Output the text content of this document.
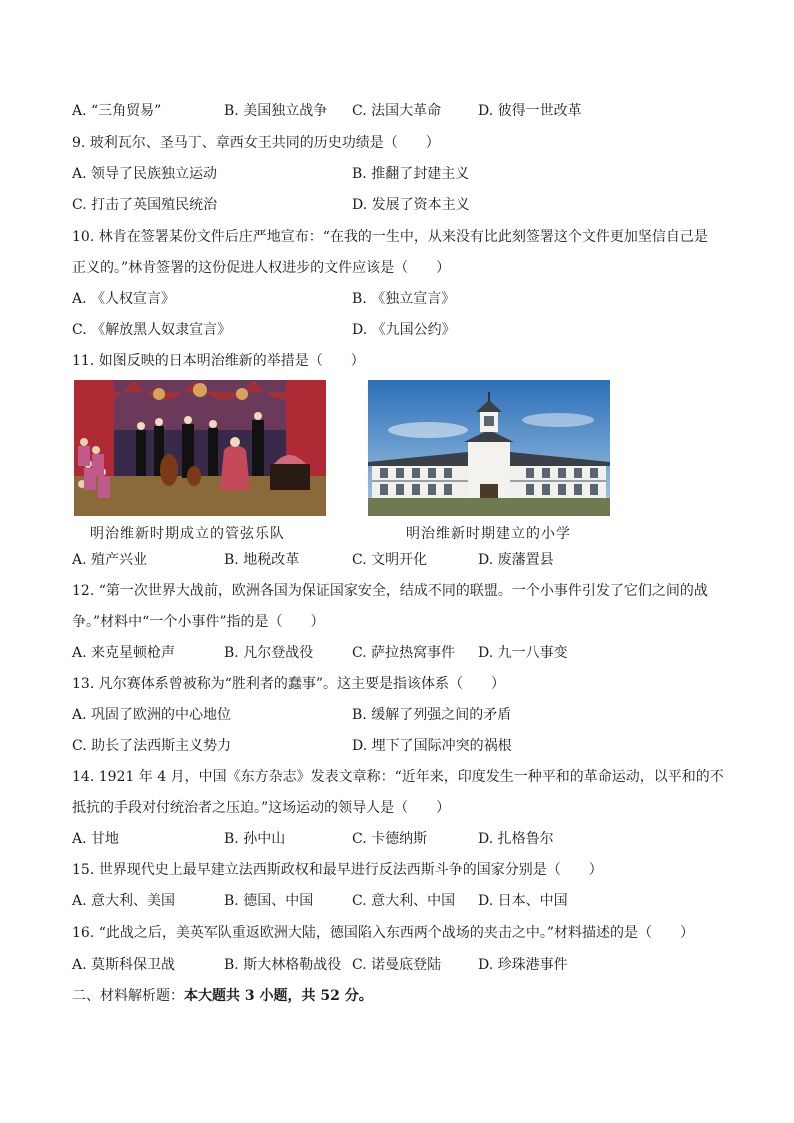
A. “三角贸易”	B. 美国独立战争 C. 法国大革命	D. 彼得一世改革
9. 玻利瓦尔、圣马丁、章西女王共同的历史功绩是（　　）
A. 领导了民族独立运动	B. 推翻了封建主义
C. 打击了英国殖民统治	D. 发展了资本主义
10. 林肯在签署某份文件后庄严地宣布：“在我的一生中，从来没有比此刻签署这个文件更加坚信自己是
正义的。”林肯签署的这份促进人权进步的文件应该是（　　）
A. 《人权宣言》	B. 《独立宣言》
C. 《解放黑人奴隶宣言》	D. 《九国公约》
11. 如图反映的日本明治维新的举措是（　　）
明治维新时期成立的管弦乐队	明治维新时期建立的小学
A. 殖产兴业	B. 地税改革	C. 文明开化	D. 废藩置县
12. “第一次世界大战前，欧洲各国为保证国家安全，结成不同的联盟。一个小事件引发了它们之间的战
争。”材料中“一个小事件”指的是（　　）
A. 来克星顿枪声	B. 凡尔登战役	C. 萨拉热窝事件 D. 九一八事变
13. 凡尔赛体系曾被称为“胜利者的蠢事”。这主要是指该体系（　　）
A. 巩固了欧洲的中心地位	B. 缓解了列强之间的矛盾
C. 助长了法西斯主义势力	D. 埋下了国际冲突的祸根
14. 1921 年 4 月，中国《东方杂志》发表文章称：“近年来，印度发生一种平和的革命运动，以平和的不
抵抗的手段对付统治者之压迫。”这场运动的领导人是（　　）
A. 甘地	B. 孙中山	C. 卡德纳斯	D. 扎格鲁尔
15. 世界现代史上最早建立法西斯政权和最早进行反法西斯斗争的国家分别是（　　）
A. 意大利、美国	B. 德国、中国	C. 意大利、中国 D. 日本、中国
16. “此战之后，美英军队重返欧洲大陆，德国陷入东西两个战场的夹击之中。”材料描述的是（　　）
A. 莫斯科保卫战	B. 斯大林格勒战役 C. 诺曼底登陆	D. 珍珠港事件
二、材料解析题：本大题共 3 小题，共 52 分。
